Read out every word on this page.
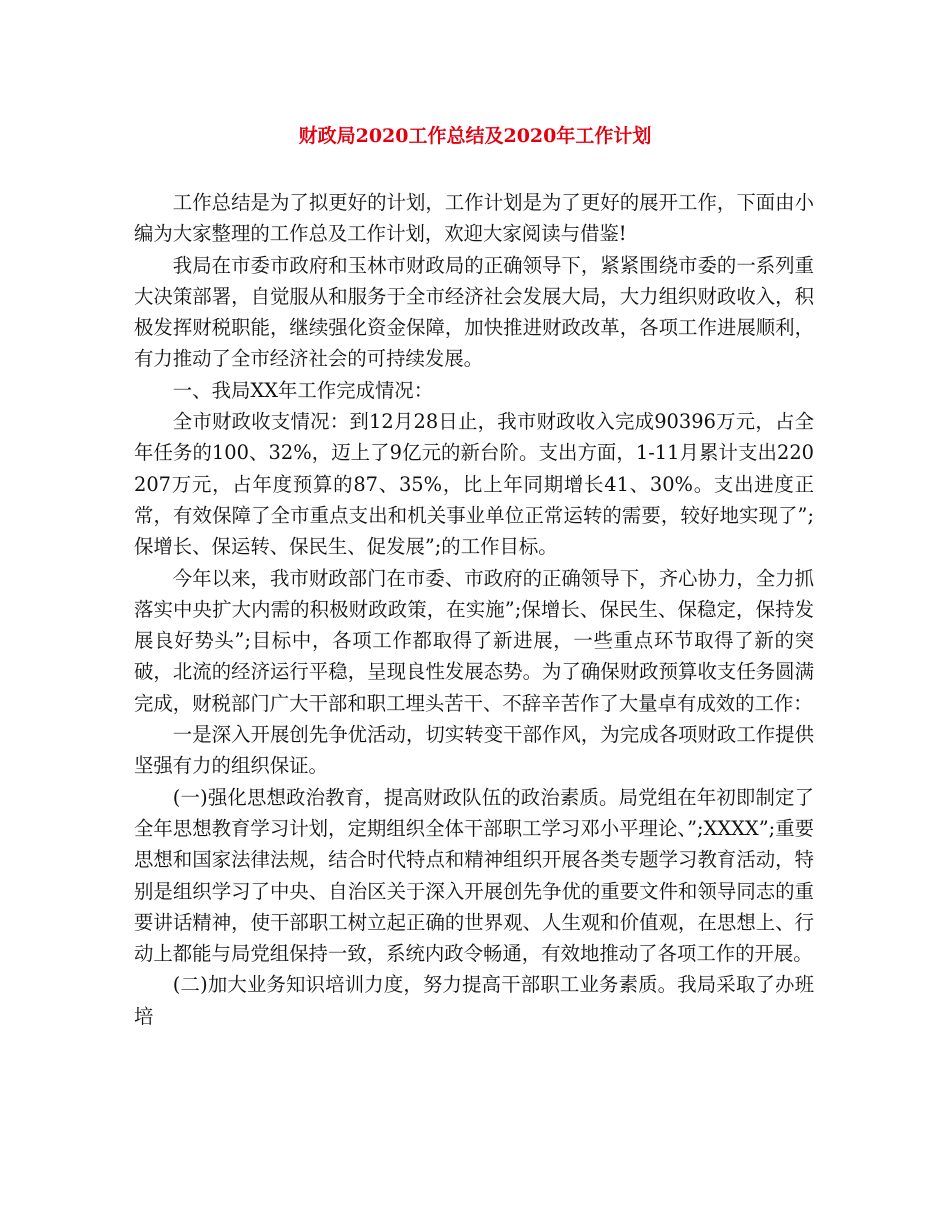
财政局2020工作总结及2020年工作计划

工作总结是为了拟更好的计划，工作计划是为了更好的展开工作，下面由小编为大家整理的工作总及工作计划，欢迎大家阅读与借鉴!

我局在市委市政府和玉林市财政局的正确领导下，紧紧围绕市委的一系列重大决策部署，自觉服从和服务于全市经济社会发展大局，大力组织财政收入，积极发挥财税职能，继续强化资金保障，加快推进财政改革，各项工作进展顺利，有力推动了全市经济社会的可持续发展。

一、我局XX年工作完成情况：

全市财政收支情况：到12月28日止，我市财政收入完成90396万元，占全年任务的100、32%，迈上了9亿元的新台阶。支出方面，1-11月累计支出220207万元，占年度预算的87、35%，比上年同期增长41、30%。支出进度正常，有效保障了全市重点支出和机关事业单位正常运转的需要，较好地实现了”;保增长、保运转、保民生、促发展”;的工作目标。

今年以来，我市财政部门在市委、市政府的正确领导下，齐心协力，全力抓落实中央扩大内需的积极财政政策，在实施”;保增长、保民生、保稳定，保持发展良好势头”;目标中，各项工作都取得了新进展，一些重点环节取得了新的突破，北流的经济运行平稳，呈现良性发展态势。为了确保财政预算收支任务圆满完成，财税部门广大干部和职工埋头苦干、不辞辛苦作了大量卓有成效的工作：

一是深入开展创先争优活动，切实转变干部作风，为完成各项财政工作提供坚强有力的组织保证。

(一)强化思想政治教育，提高财政队伍的政治素质。局党组在年初即制定了全年思想教育学习计划，定期组织全体干部职工学习邓小平理论、”;XXXX”;重要思想和国家法律法规，结合时代特点和精神组织开展各类专题学习教育活动，特别是组织学习了中央、自治区关于深入开展创先争优的重要文件和领导同志的重要讲话精神，使干部职工树立起正确的世界观、人生观和价值观，在思想上、行动上都能与局党组保持一致，系统内政令畅通，有效地推动了各项工作的开展。

(二)加大业务知识培训力度，努力提高干部职工业务素质。我局采取了办班培
